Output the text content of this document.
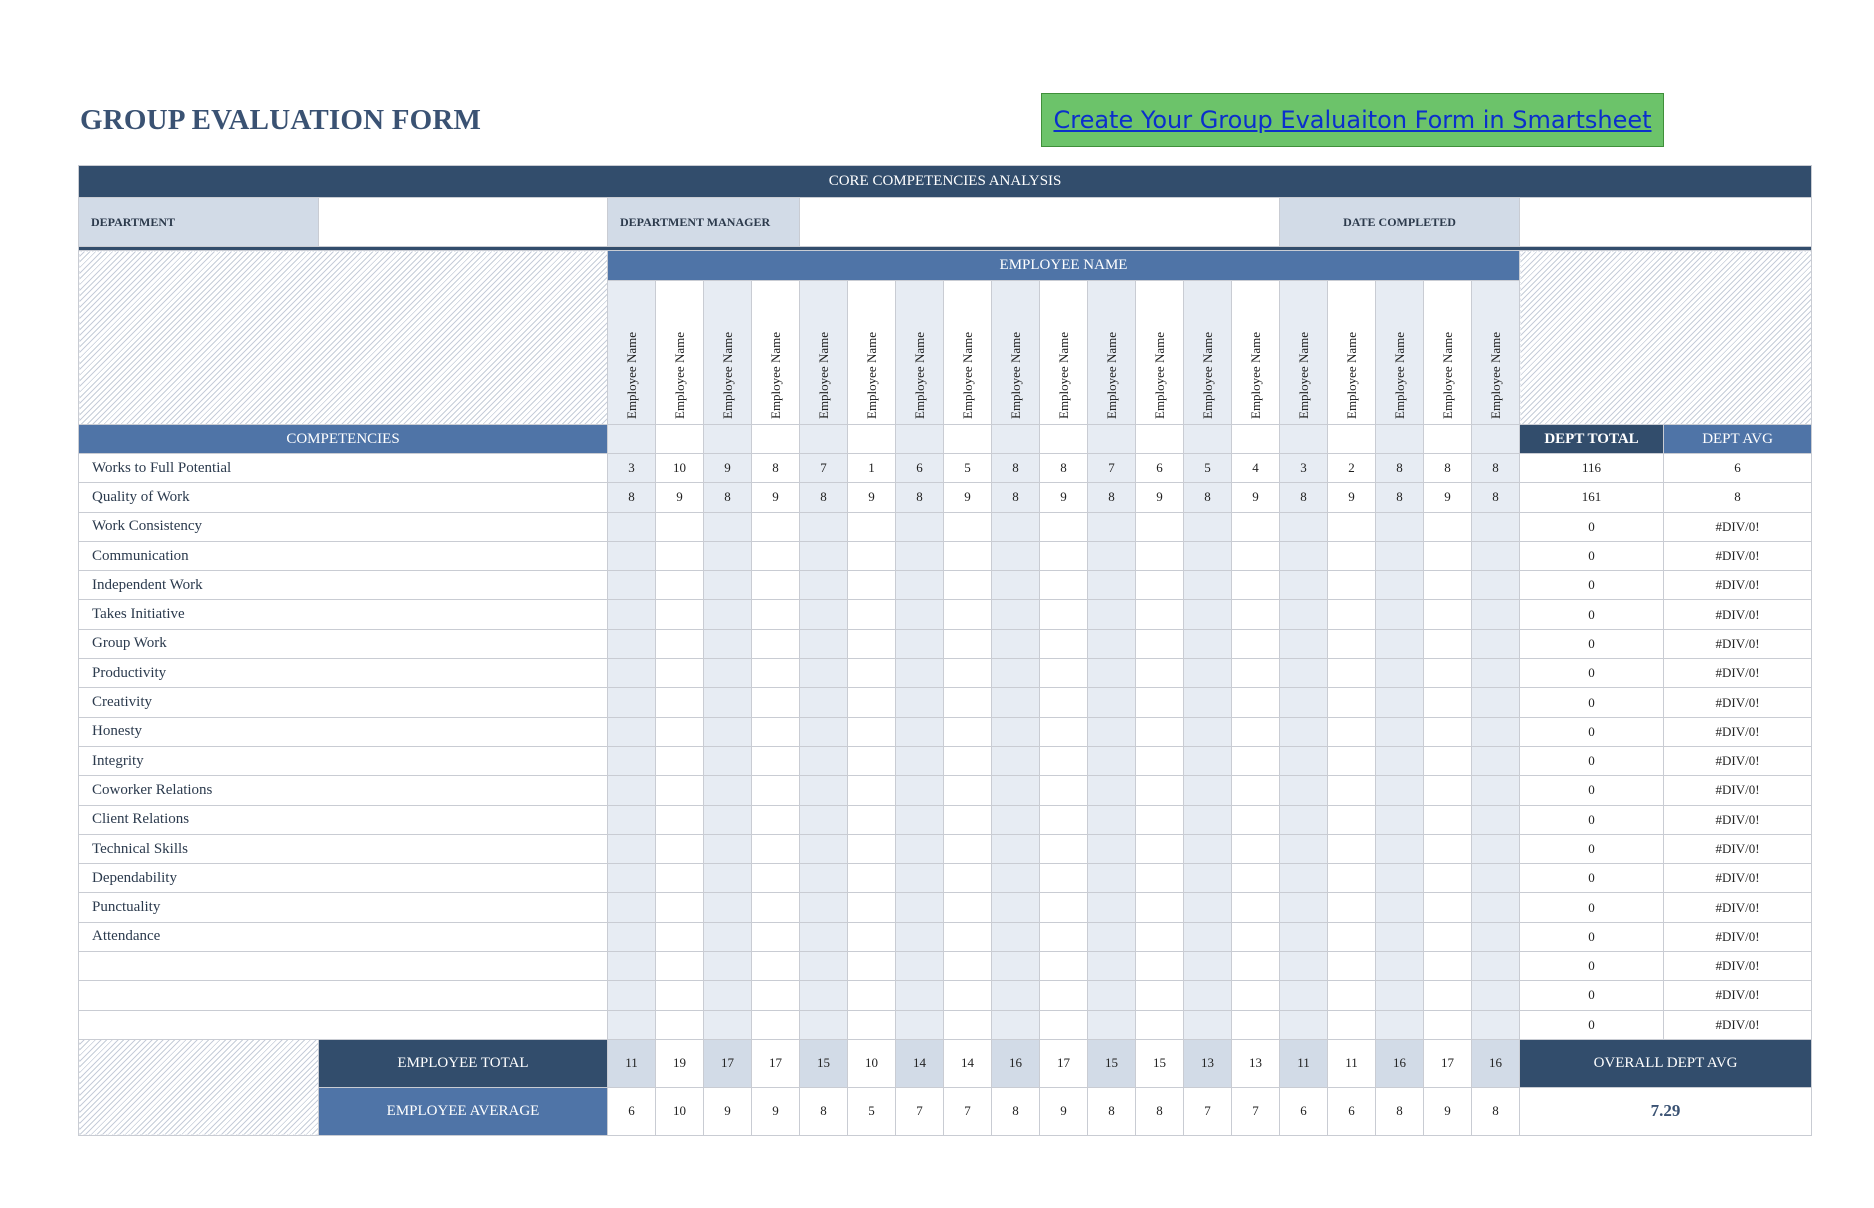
GROUP EVALUATION FORM	Create Your Group Evaluaiton Form in Smartsheet
CORE COMPETENCIES ANALYSIS																						
DEPARTMENT		DEPARTMENT MANAGER														DATE COMPLETED						

		EMPLOYEE NAME																				
		Employee Name	Employee Name	Employee Name	Employee Name	Employee Name	Employee Name	Employee Name	Employee Name	Employee Name	Employee Name	Employee Name	Employee Name	Employee Name	Employee Name	Employee Name	Employee Name	Employee Name	Employee Name	Employee Name		
COMPETENCIES																					DEPT TOTAL	DEPT AVG
Works to Full Potential		3	10	9	8	7	1	6	5	8	8	7	6	5	4	3	2	8	8	8	116	6
Quality of Work		8	9	8	9	8	9	8	9	8	9	8	9	8	9	8	9	8	9	8	161	8
Work Consistency																					0	#DIV/0!
Communication																					0	#DIV/0!
Independent Work																					0	#DIV/0!
Takes Initiative																					0	#DIV/0!
Group Work																					0	#DIV/0!
Productivity																					0	#DIV/0!
Creativity																					0	#DIV/0!
Honesty																					0	#DIV/0!
Integrity																					0	#DIV/0!
Coworker Relations																					0	#DIV/0!
Client Relations																					0	#DIV/0!
Technical Skills																					0	#DIV/0!
Dependability																					0	#DIV/0!
Punctuality																					0	#DIV/0!
Attendance																					0	#DIV/0!
																					0	#DIV/0!
																					0	#DIV/0!
																					0	#DIV/0!
	EMPLOYEE TOTAL	11	19	17	17	15	10	14	14	16	17	15	15	13	13	11	11	16	17	16	OVERALL DEPT AVG	
	EMPLOYEE AVERAGE	6	10	9	9	8	5	7	7	8	9	8	8	7	7	6	6	8	9	8	7.29	
